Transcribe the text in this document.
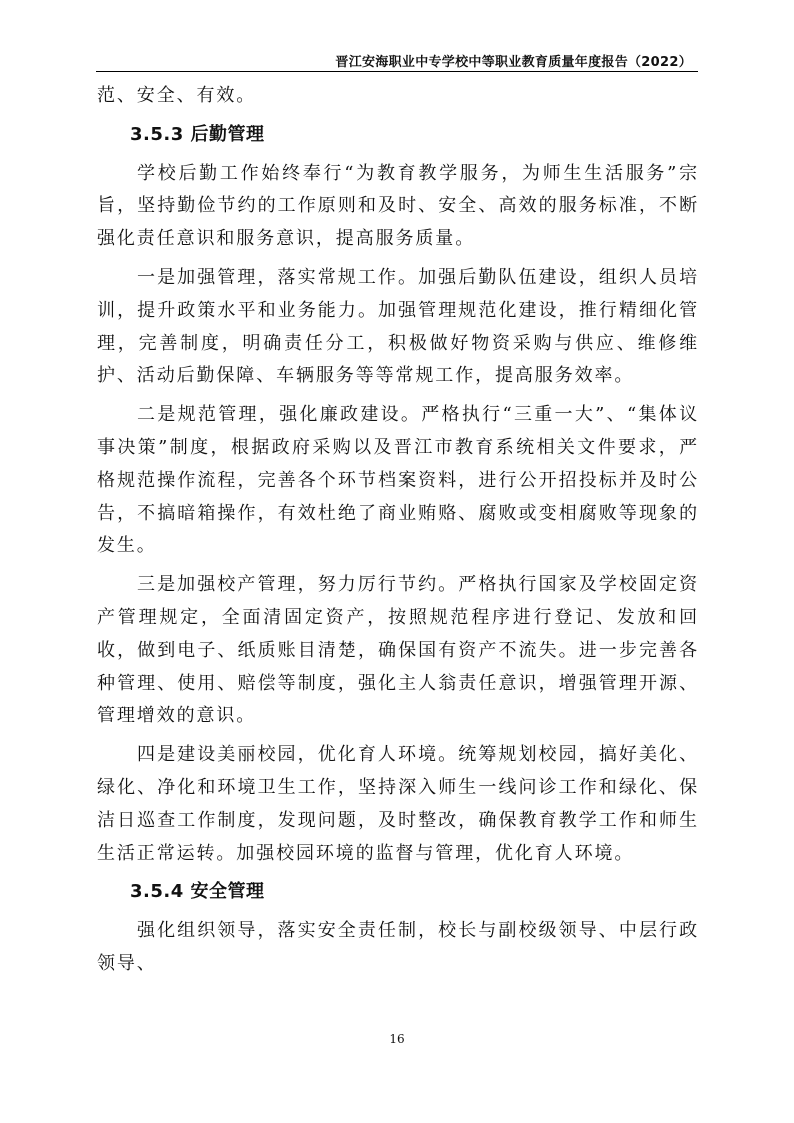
晋江安海职业中专学校中等职业教育质量年度报告（2022）

范、安全、有效。

3.5.3 后勤管理

学校后勤工作始终奉行“为教育教学服务，为师生生活服务”宗旨，坚持勤俭节约的工作原则和及时、安全、高效的服务标准，不断强化责任意识和服务意识，提高服务质量。

一是加强管理，落实常规工作。加强后勤队伍建设，组织人员培训，提升政策水平和业务能力。加强管理规范化建设，推行精细化管理，完善制度，明确责任分工，积极做好物资采购与供应、维修维护、活动后勤保障、车辆服务等等常规工作，提高服务效率。

二是规范管理，强化廉政建设。严格执行“三重一大”、“集体议事决策”制度，根据政府采购以及晋江市教育系统相关文件要求，严格规范操作流程，完善各个环节档案资料，进行公开招投标并及时公告，不搞暗箱操作，有效杜绝了商业贿赂、腐败或变相腐败等现象的发生。

三是加强校产管理，努力厉行节约。严格执行国家及学校固定资产管理规定，全面清固定资产，按照规范程序进行登记、发放和回收，做到电子、纸质账目清楚，确保国有资产不流失。进一步完善各种管理、使用、赔偿等制度，强化主人翁责任意识，增强管理开源、管理增效的意识。

四是建设美丽校园，优化育人环境。统筹规划校园，搞好美化、绿化、净化和环境卫生工作，坚持深入师生一线问诊工作和绿化、保洁日巡查工作制度，发现问题，及时整改，确保教育教学工作和师生生活正常运转。加强校园环境的监督与管理，优化育人环境。

3.5.4 安全管理

强化组织领导，落实安全责任制，校长与副校级领导、中层行政领导、

16
